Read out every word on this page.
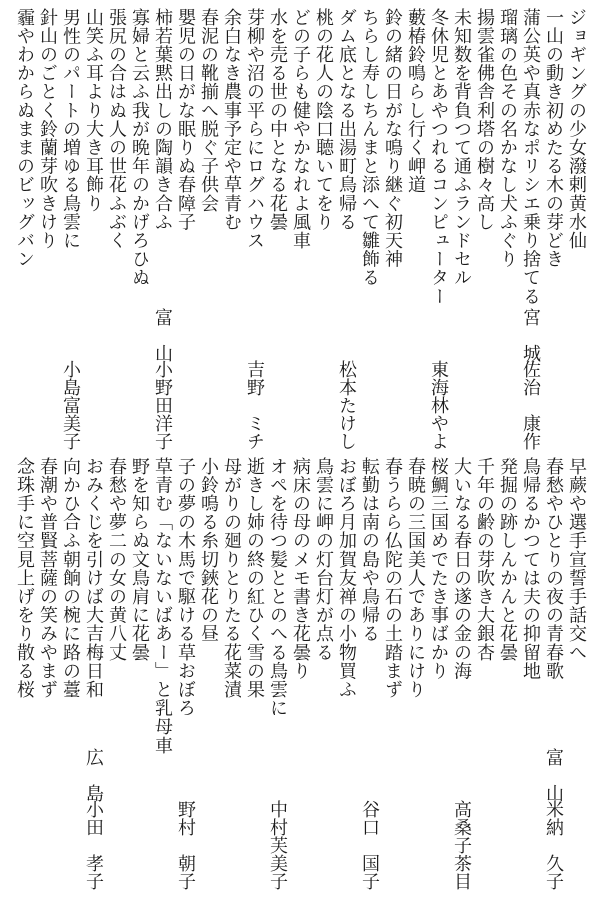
ジョギングの少女潑剌黄水仙
一山の動き初めたる木の芽どき
蒲公英や真赤なポリシエ乗り捨てる
瑠璃の色その名かなし犬ふぐり
揚雲雀佛舎利塔の樹々高し
未知数を背負つて通ふランドセル
冬休児とあやつれるコンピューター
藪椿鈴鳴らし行く岬道
鈴の緒の日がな鳴り継ぐ初天神
ちらし寿しちんまと添へて雛飾る
ダム底となる出湯町鳥帰る
桃の花人の陰口聴いてをり
どの子らも健やかなれよ風車
水を売る世の中となる花曇
芽柳や沼の平らにログハウス
余白なき農事予定や草青む
春泥の靴揃へ脱ぐ子供会
嬰児の日がな眠りぬ春障子
柿若葉黙出しの陶韻き合ふ
寡婦と云ふ我が晩年のかげろひぬ
張尻の合はぬ人の世花ふぶく
山笑ふ耳より大き耳飾り
男性のパートの増ゆる鳥雲に
針山のごとく鈴蘭芽吹きけり
霾やわからぬままのビッグバン
宮　城
佐治　康作
東海林やよ
松本たけし
吉野　ミチ
富　山
小野田洋子
小島富美子
早蕨や選手宣誓手話交へ
春愁やひとりの夜の青春歌
鳥帰るかつては夫の抑留地
発掘の跡しんかんと花曇
千年の齢の芽吹き大銀杏
大いなる春日の遂の金の海
桜鯛三国めでたき事ばかり
春暁の三国美人でありにけり
春うらら仏陀の石の土踏まず
転勤は南の島や鳥帰る
おぼろ月加賀友禅の小物買ふ
鳥雲に岬の灯台灯が点る
病床の母のメモ書き花曇り
オペを待つ髪ととのへる鳥雲に
逝きし姉の終の紅ひく雪の果
母がりの廻りとりたる花菜漬
小鈴鳴る糸切鋏花の昼
子の夢の木馬で駆ける草おぼろ
草青む「ないないばあー」と乳母車
野を知らぬ文鳥肩に花曇
春愁や夢二の女の黄八丈
おみくじを引けば大吉梅日和
向かひ合ふ朝餉の椀に路の薹
春潮や普賢菩薩の笑みやまず
念珠手に空見上げをり散る桜
富　山
米納　久子
高桑子茶目
中村芙美子	谷口　国子
野村　朝子
広　島
小田　孝子
